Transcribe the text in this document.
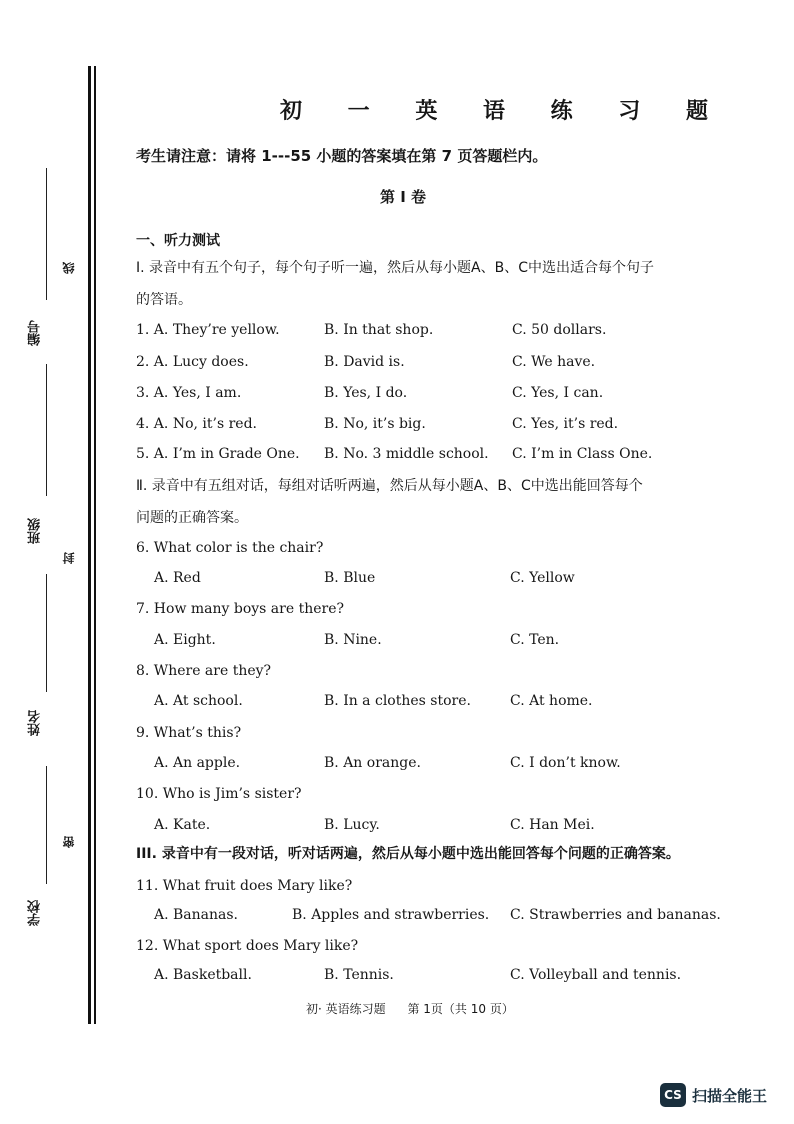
编号
班级
姓名
学校
线
封
密
初 一 英 语 练 习 题
考生请注意：请将 1---55 小题的答案填在第 7 页答题栏内。
第 I 卷
一、听力测试
Ⅰ. 录音中有五个句子，每个句子听一遍，然后从每小题A、B、C中选出适合每个句子的答语。
1. A. They’re yellow.	B. In that shop.	C. 50 dollars.
2. A. Lucy does.	B. David is.	C. We have.
3. A. Yes, I am.	B. Yes, I do.	C. Yes, I can.
4. A. No, it’s red.	B. No, it’s big.	C. Yes, it’s red.
5. A. I’m in Grade One. B. No. 3 middle school. C. I’m in Class One.
Ⅱ. 录音中有五组对话，每组对话听两遍，然后从每小题A、B、C中选出能回答每个问题的正确答案。
6. What color is the chair?
A. Red	B. Blue	C. Yellow
7. How many boys are there?
A. Eight.	B. Nine.	C. Ten.
8. Where are they?
A. At school.	B. In a clothes store.	C. At home.
9. What’s this?
A. An apple.	B. An orange.	C. I don’t know.
10. Who is Jim’s sister?
A. Kate.	B. Lucy.	C. Han Mei.
III. 录音中有一段对话，听对话两遍，然后从每小题中选出能回答每个问题的正确答案。
11. What fruit does Mary like?
A. Bananas.	B. Apples and strawberries. C. Strawberries and bananas.
12. What sport does Mary like?
A. Basketball.	B. Tennis.	C. Volleyball and tennis.
初· 英语练习题 第 1页（共 10 页）
CS 扫描全能王
